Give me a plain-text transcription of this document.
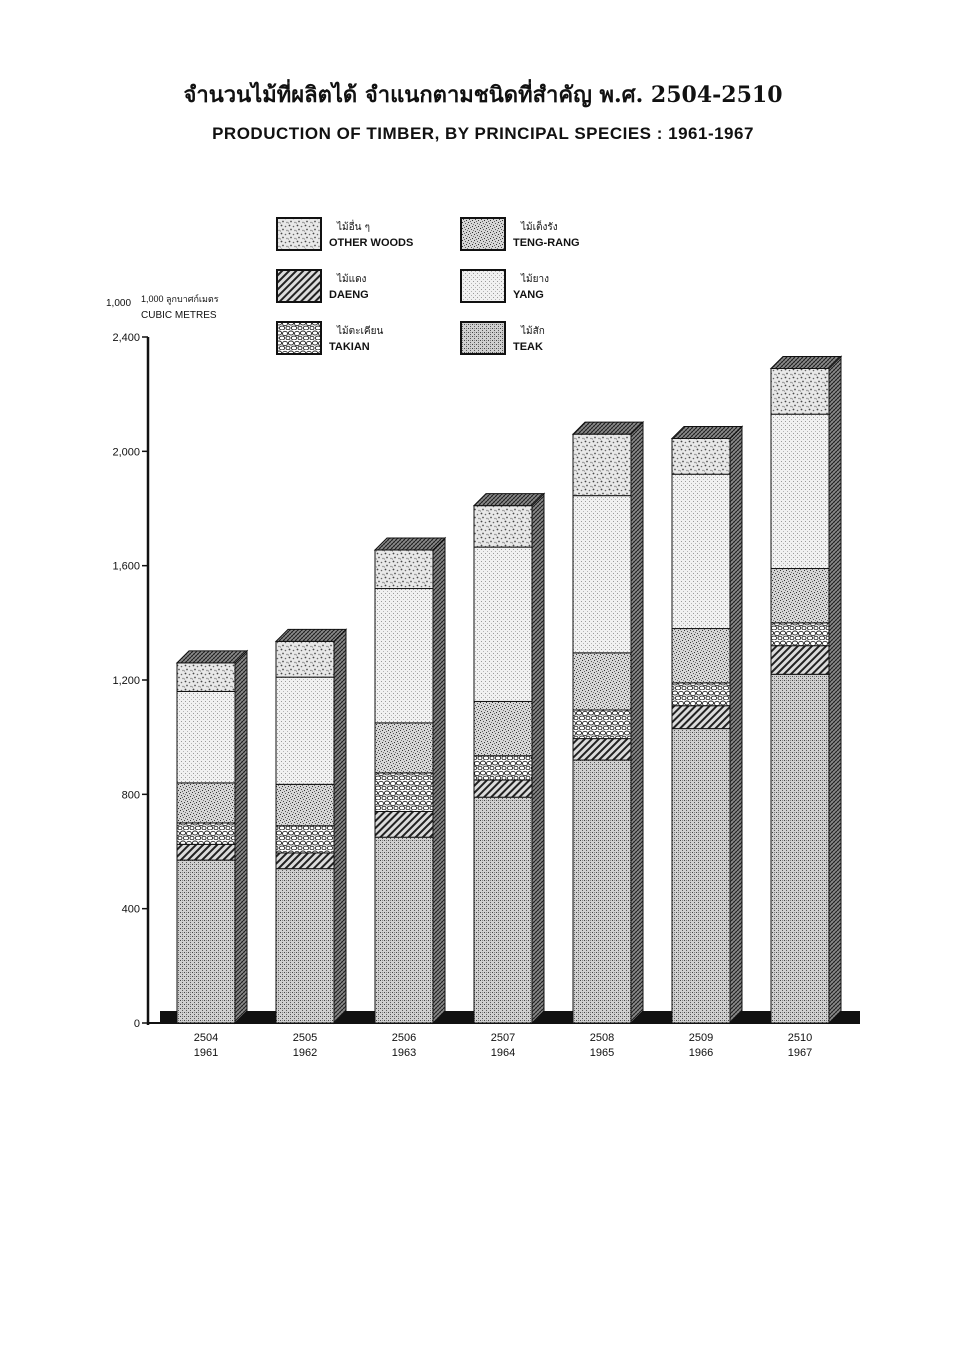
จำนวนไม้ที่ผลิตได้ จำแนกตามชนิดที่สำคัญ พ.ศ. 2504-2510
PRODUCTION OF TIMBER, BY PRINCIPAL SPECIES : 1961-1967
1,000 1,000 ลูกบาศก์เมตร
CUBIC METRES
0
400
800
1,200
1,600
2,000
2,400
ไม้อื่น ๆ
OTHER WOODS
ไม้เต็งรัง
TENG-RANG
ไม้แดง
DAENG
ไม้ยาง
YANG
ไม้ตะเคียน
TAKIAN
ไม้สัก
TEAK
2504
1961
2505
1962
2506
1963
2507
1964
2508
1965
2509
1966
2510
1967
